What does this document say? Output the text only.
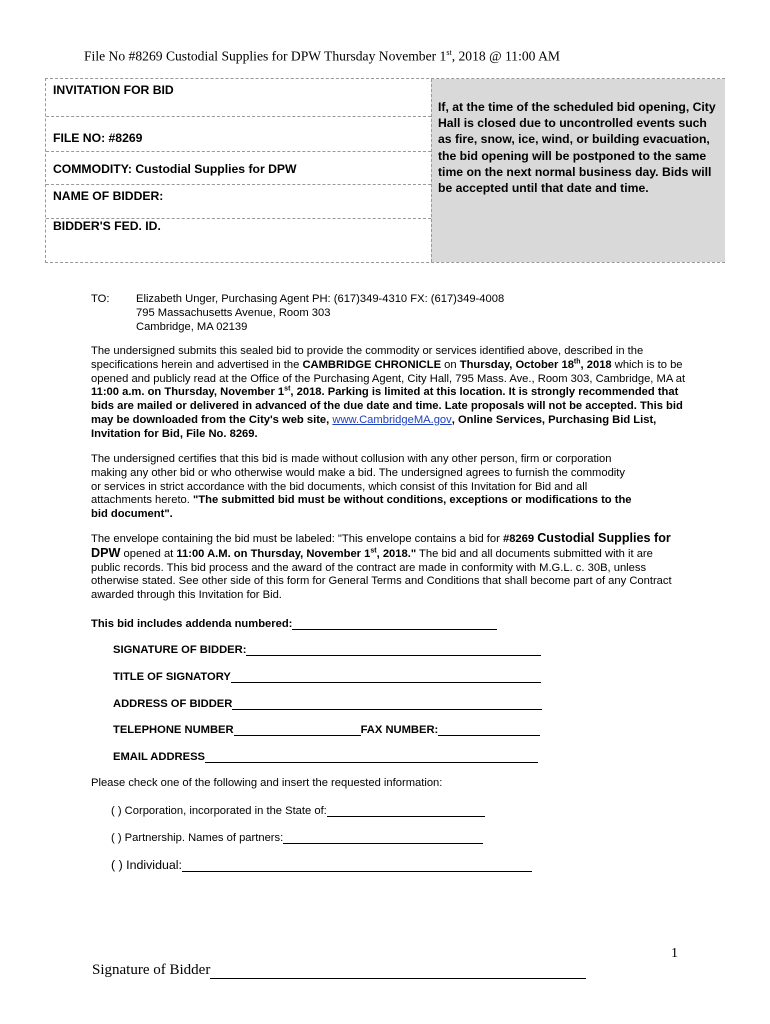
File No #8269 Custodial Supplies for DPW Thursday November 1st, 2018 @ 11:00 AM
INVITATION FOR BID
FILE NO: #8269
COMMODITY: Custodial Supplies for DPW
NAME OF BIDDER:
BIDDER'S FED. ID.
If, at the time of the scheduled bid opening, City Hall is closed due to uncontrolled events such as fire, snow, ice, wind, or building evacuation, the bid opening will be postponed to the same time on the next normal business day. Bids will be accepted until that date and time.
TO: Elizabeth Unger, Purchasing Agent PH: (617)349-4310 FX: (617)349-4008
795 Massachusetts Avenue, Room 303
Cambridge, MA 02139
The undersigned submits this sealed bid to provide the commodity or services identified above, described in the specifications herein and advertised in the CAMBRIDGE CHRONICLE on Thursday, October 18th, 2018 which is to be opened and publicly read at the Office of the Purchasing Agent, City Hall, 795 Mass. Ave., Room 303, Cambridge, MA at 11:00 a.m. on Thursday, November 1st, 2018. Parking is limited at this location. It is strongly recommended that bids are mailed or delivered in advanced of the due date and time. Late proposals will not be accepted. This bid may be downloaded from the City's web site, www.CambridgeMA.gov, Online Services, Purchasing Bid List, Invitation for Bid, File No. 8269.
The undersigned certifies that this bid is made without collusion with any other person, firm or corporation making any other bid or who otherwise would make a bid. The undersigned agrees to furnish the commodity or services in strict accordance with the bid documents, which consist of this Invitation for Bid and all attachments hereto. "The submitted bid must be without conditions, exceptions or modifications to the bid document".
The envelope containing the bid must be labeled: "This envelope contains a bid for #8269 Custodial Supplies for DPW opened at 11:00 A.M. on Thursday, November 1st, 2018." The bid and all documents submitted with it are public records. This bid process and the award of the contract are made in conformity with M.G.L. c. 30B, unless otherwise stated. See other side of this form for General Terms and Conditions that shall become part of any Contract awarded through this Invitation for Bid.
This bid includes addenda numbered:
SIGNATURE OF BIDDER:
TITLE OF SIGNATORY
ADDRESS OF BIDDER
TELEPHONE NUMBER	FAX NUMBER:
EMAIL ADDRESS
Please check one of the following and insert the requested information:
( ) Corporation, incorporated in the State of:
( ) Partnership. Names of partners:
( ) Individual:
1
Signature of Bidder
